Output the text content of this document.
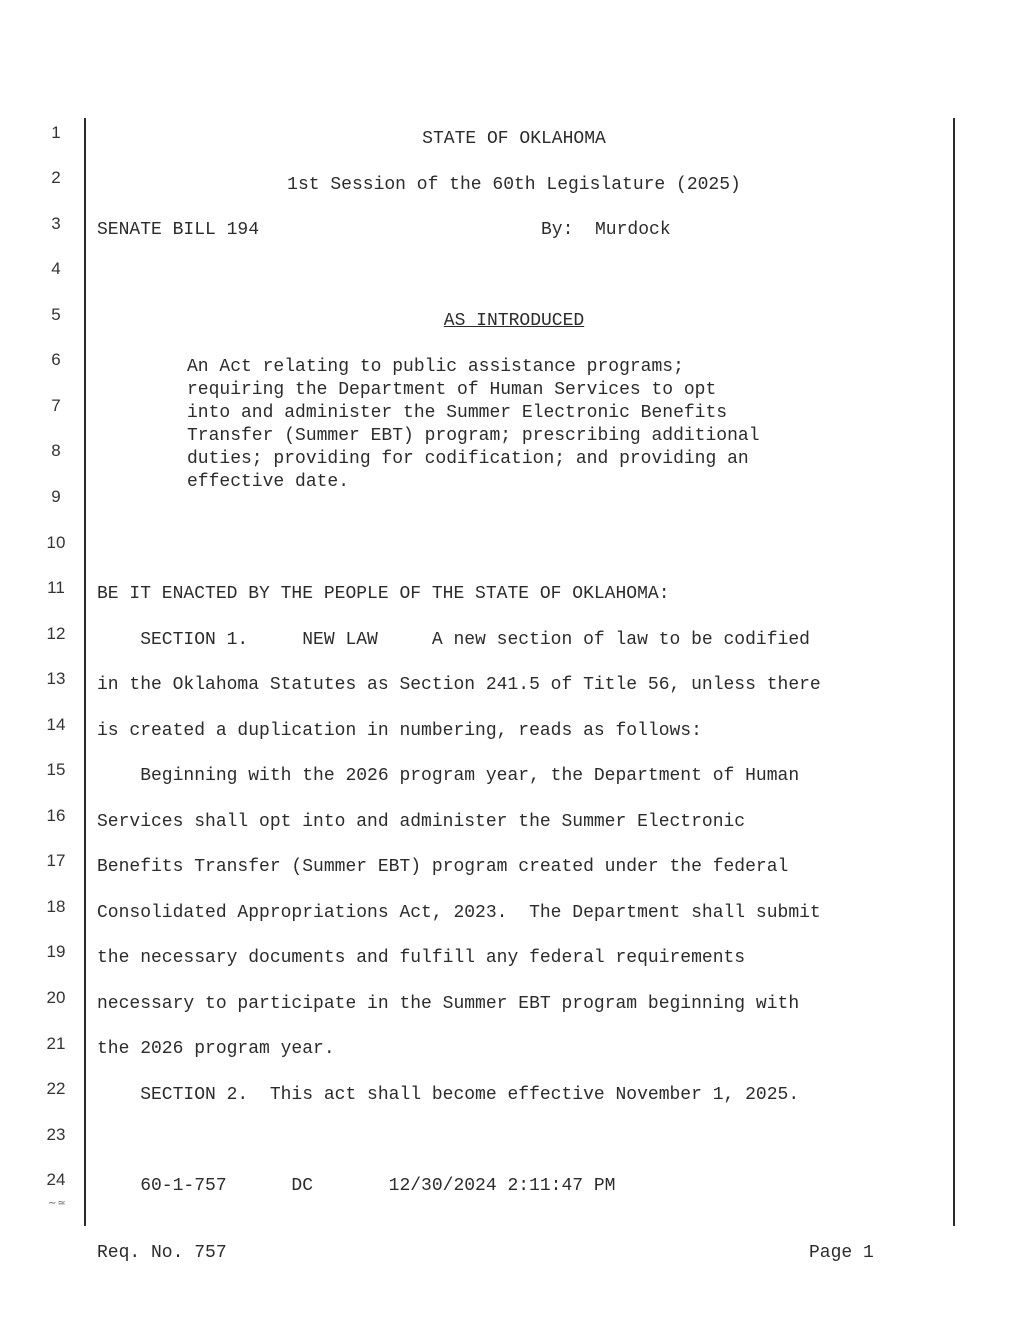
1
2
3
4
5
6
7
8
9
10
11
12
13
14
15
16
17
18
19
20
21
22
23
24
∼≃
STATE OF OKLAHOMA
1st Session of the 60th Legislature (2025)
SENATE BILL 194	By:  Murdock
AS INTRODUCED
An Act relating to public assistance programs;
requiring the Department of Human Services to opt
into and administer the Summer Electronic Benefits
Transfer (Summer EBT) program; prescribing additional
duties; providing for codification; and providing an
effective date.
BE IT ENACTED BY THE PEOPLE OF THE STATE OF OKLAHOMA:
SECTION 1.     NEW LAW     A new section of law to be codified
in the Oklahoma Statutes as Section 241.5 of Title 56, unless there
is created a duplication in numbering, reads as follows:
Beginning with the 2026 program year, the Department of Human
Services shall opt into and administer the Summer Electronic
Benefits Transfer (Summer EBT) program created under the federal
Consolidated Appropriations Act, 2023.  The Department shall submit
the necessary documents and fulfill any federal requirements
necessary to participate in the Summer EBT program beginning with
the 2026 program year.
SECTION 2.  This act shall become effective November 1, 2025.
60-1-757      DC       12/30/2024 2:11:47 PM
Req. No. 757	Page 1
